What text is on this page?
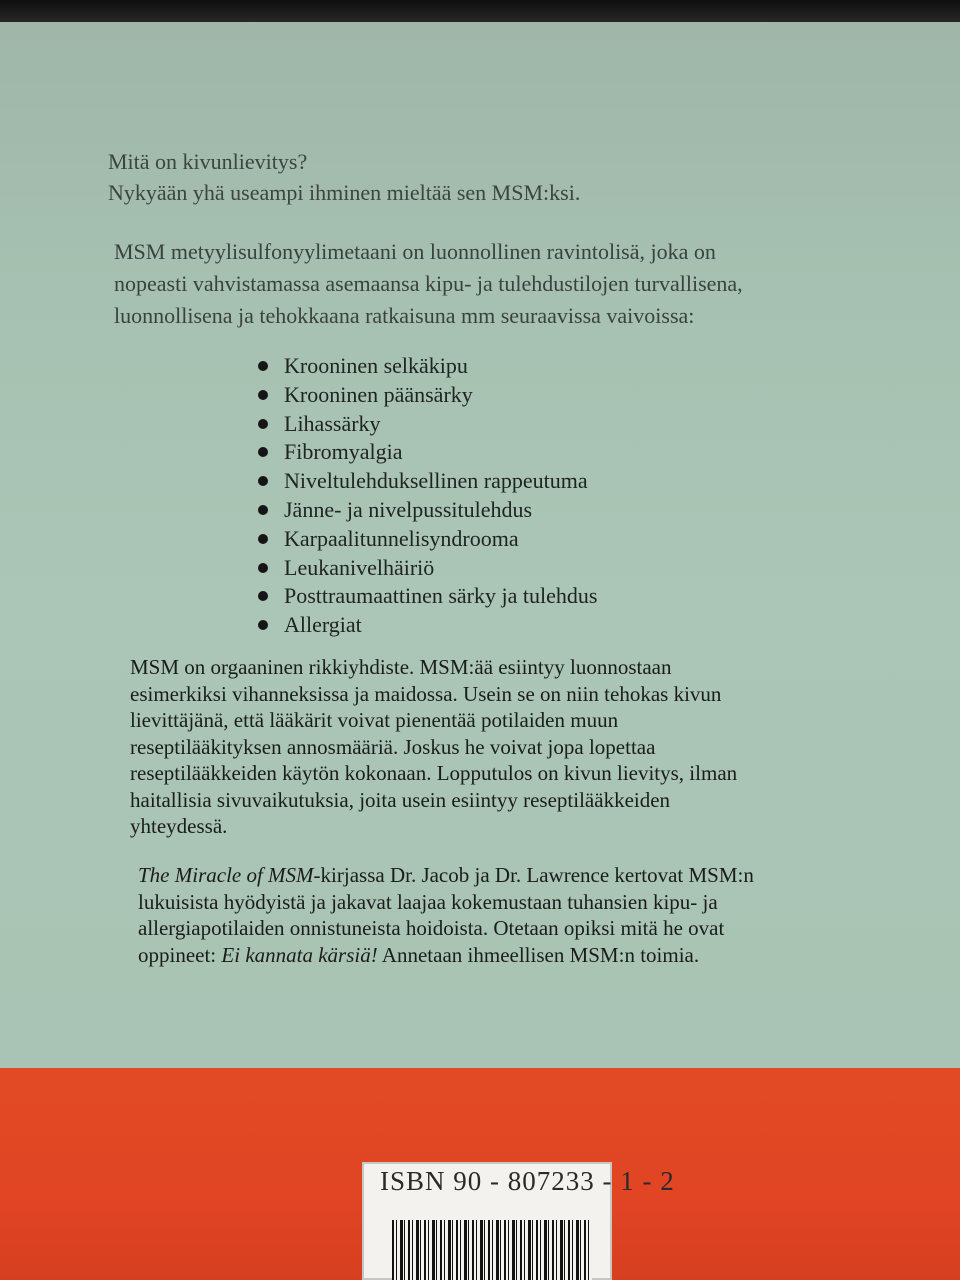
Mitä on kivunlievitys?
Nykyään yhä useampi ihminen mieltää sen MSM:ksi.
MSM metyylisulfonyylimetaani on luonnollinen ravintolisä, joka on
nopeasti vahvistamassa asemaansa kipu- ja tulehdustilojen turvallisena,
luonnollisena ja tehokkaana ratkaisuna mm seuraavissa vaivoissa:
Krooninen selkäkipu
Krooninen päänsärky
Lihassärky
Fibromyalgia
Niveltulehduksellinen rappeutuma
Jänne- ja nivelpussitulehdus
Karpaalitunnelisyndrooma
Leukanivelhäiriö
Posttraumaattinen särky ja tulehdus
Allergiat
MSM on orgaaninen rikkiyhdiste. MSM:ää esiintyy luonnostaan
esimerkiksi vihanneksissa ja maidossa. Usein se on niin tehokas kivun
lievittäjänä, että lääkärit voivat pienentää potilaiden muun
reseptilääkityksen annosmääriä. Joskus he voivat jopa lopettaa
reseptilääkkeiden käytön kokonaan. Lopputulos on kivun lievitys, ilman
haitallisia sivuvaikutuksia, joita usein esiintyy reseptilääkkeiden
yhteydessä.
The Miracle of MSM-kirjassa Dr. Jacob ja Dr. Lawrence kertovat MSM:n
lukuisista hyödyistä ja jakavat laajaa kokemustaan tuhansien kipu- ja
allergiapotilaiden onnistuneista hoidoista. Otetaan opiksi mitä he ovat
oppineet: Ei kannata kärsiä! Annetaan ihmeellisen MSM:n toimia.
ISBN 90 - 807233 - 1 - 2
